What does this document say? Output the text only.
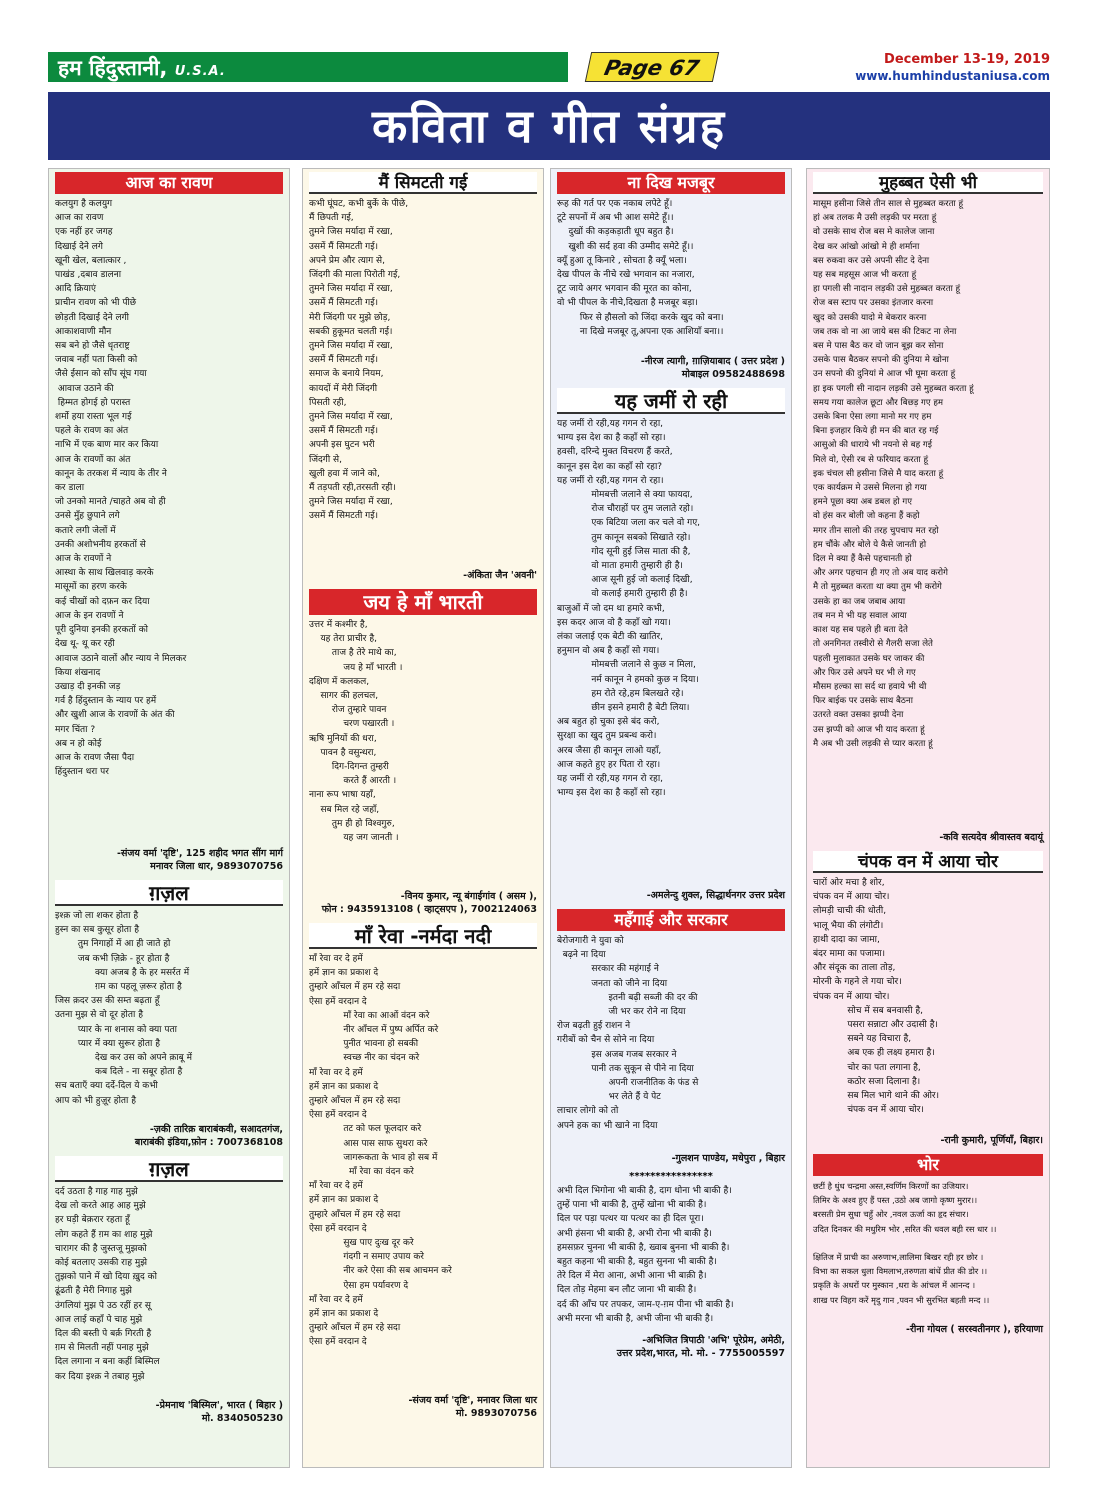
हम हिंदुस्तानी, U.S.A.	Page 67	December 13-19, 2019
www.humhindustaniusa.com
कविता व गीत संग्रह
आज का रावण
कलयुग है कलयुग
आज का रावण
एक नहीं हर जगह
दिखाई देने लगे
खूनी खेल, बलात्कार ,
पाखंड ,दबाव डालना
आदि क्रियाएं
प्राचीन रावण को भी पीछे
छोड़ती दिखाई देने लगी
आकाशवाणी मौन
सब बने हो जैसे धृतराष्ट्र
जवाब नहीं पता किसी को
जैसे ईसान को साँप सूंघ गया
आवाज उठाने की
हिम्मत होगई हो परास्त
शर्मो हया रास्ता भूल गई
पहले के रावण का अंत
नाभि में एक बाण मार कर किया
आज के रावणों का अंत
कानून के तरकश में न्याय के तीर ने
कर डाला
जो उनको मानते /चाहते अब वो ही
उनसे मुँह छुपाने लगे
कतारे लगी जेलों में
उनकी अशोभनीय हरकतों से
आज के रावणों ने
आस्था के साथ खिलवाड़ करके
मासूमों का हरण करके
कई चीखों को दफ़न कर दिया
आज के इन रावणों ने
पूरी दुनिया इनकी हरकतों को
देख थू- थू कर रही
आवाज उठाने वालों और न्याय ने मिलकर
किया शंखनाद
उखाड़ दी इनकी जड़
गर्व है हिंदुस्तान के न्याय पर हमें
और खुशी आज के रावणों के अंत की
मगर चिंता ?
अब न हो कोई
आज के रावण जैसा पैदा
हिंदुस्तान धरा पर
-संजय वर्मा 'दृष्टि', 125 शहीद भगत सींग मार्ग
मनावर जिला धार, 9893070756
ग़ज़ल
इश्क़ जो ला शकर होता है
हुस्न का सब कुसूर होता है
तुम निगाहों में आ ही जाते हो
जब कभी ज़िक्रे - हूर होता है
क्या अजब है के हर मसर्रत में
ग़म का पहलू ज़रूर होता है
जिस क़दर उस की सम्त बढ़ता हूँ
उतना मुझ से वो दूर होता है
प्यार के ना शनास को क्या पता
प्यार में क्या सुरूर होता है
देख कर उस को अपने क़ाबू में
कब दिले - ना सबूर होता है
सच बताएँ क्या दर्दे-दिल ये कभी
आप को भी हुज़ूर होता है
-ज़की तारिक़ बाराबंकवी, सआदतगंज,
बाराबंकी इंडिया,फ़ोन : 7007368108
ग़ज़ल
दर्द उठता है गाह गाह मुझे
देख लो करते आह आह मुझे
हर घड़ी बेक़रार रहता हूँ
लोग कहते हैं ग़म का शाह मुझे
चारागर की है जुस्तजू मुझको
कोई बतलाए उसकी राह मुझे
तुझको पाने में खो दिया ख़ुद को
ढूंढती है मेरी निगाह मुझे
उंगलियां मुझ पे उठ रहीं हर सू
आज लाई कहाँ पे चाह मुझे
दिल की बस्ती पे बर्क़ गिरती है
ग़म से मिलती नहीं पनाह मुझे
दिल लगाना न बना कहीं बिस्मिल
कर दिया इश्क़ ने तबाह मुझे
-प्रेमनाथ 'बिस्मिल', भारत ( बिहार )
मो. 8340505230
मैं सिमटती गई
कभी घूंघट, कभी बुर्के के पीछे,
मैं छिपती गई,
तुमने जिस मर्यादा में रखा,
उसमें मैं सिमटती गई।
अपने प्रेम और त्याग से,
जिंदगी की माला पिरोती गई,
तुमने जिस मर्यादा में रखा,
उसमें मैं सिमटती गई।
मेरी जिंदगी पर मुझे छोड़,
सबकी हुकूमत चलती गई।
तुमने जिस मर्यादा में रखा,
उसमें मैं सिमटती गई।
समाज के बनाये नियम,
कायदों में मेरी जिंदगी
पिसती रही,
तुमने जिस मर्यादा में रखा,
उसमें मैं सिमटती गई।
अपनी इस घुटन भरी
जिंदगी से,
खुली हवा में जाने को,
मैं तड़पती रही,तरसती रही।
तुमने जिस मर्यादा में रखा,
उसमें मैं सिमटती गई।
-अंकिता जैन 'अवनी'
जय हे माँ भारती
उत्तर में कश्मीर है,
यह तेरा प्राचीर है,
ताज है तेरे माथे का,
जय हे माँ भारती ।
दक्षिण में कलकल,
सागर की हलचल,
रोज तुम्हारे पावन
चरण पखारती ।
ऋषि मुनियों की धरा,
पावन है वसुन्धरा,
दिग-दिगन्त तुम्हरी
करते हैं आरती ।
नाना रूप भाषा यहाँ,
सब मिल रहे जहाँ,
तुम ही हो विश्वगुरु,
यह जग जानती ।
-विनय कुमार, न्यू बंगाईगांव ( असम ),
फोन : 9435913108 ( व्हाट्सएप ), 7002124063
माँ रेवा -नर्मदा नदी
माँ रेवा वर दे हमें
हमें ज्ञान का प्रकाश दे
तुम्हारे आँचल में हम रहे सदा
ऐसा हमें वरदान दे
माँ रेवा का आओं वंदन करे
नीर आँचल में पुष्प अर्पित करे
पुनीत भावना हो सबकी
स्वच्छ नीर का चंदन करे
माँ रेवा वर दे हमें
हमें ज्ञान का प्रकाश दे
तुम्हारे आँचल में हम रहे सदा
ऐसा हमें वरदान दे
तट को फल फूलदार करे
आस पास साफ सुथरा करे
जागरूकता के भाव हो सब में
माँ रेवा का वंदन करे
माँ रेवा वर दे हमें
हमें ज्ञान का प्रकाश दे
तुम्हारे आँचल में हम रहे सदा
ऐसा हमें वरदान दे
सुख पाए दुःख दूर करे
गंदगी न समाए उपाय करे
नीर करे ऐसा की सब आचमन करे
ऐसा हम पर्यावरण दे
माँ रेवा वर दे हमें
हमें ज्ञान का प्रकाश दे
तुम्हारे आँचल में हम रहे सदा
ऐसा हमें वरदान दे
-संजय वर्मा 'दृष्टि', मनावर जिला धार
मो. 9893070756
ना दिख मजबूर
रूह की गर्त पर एक नकाब लपेटे हूँ।
टूटे सपनों में अब भी आश समेटे हूँ।।
दुखों की कड़कड़ाती धूप बहुत है।
खुशी की सर्द हवा की उम्मीद समेटे हूँ।।
क्यूँ हुआ तू किनारे , सोचता है क्यूँ भला।
देख पीपल के नीचे रखे भगवान का नजारा,
टूट जाये अगर भगवान की मूरत का कोना,
वो भी पीपल के नीचे,दिखता है मजबूर बड़ा।
फिर से हौसलो को जिंदा करके खुद को बना।
ना दिखे मजबूर तू,अपना एक आशियाँ बना।।
-नीरज त्यागी, ग़ाज़ियाबाद ( उत्तर प्रदेश )
मोबाइल 09582488698
यह जमीं रो रही
यह जमीं रो रही,यह गगन रो रहा,
भाग्य इस देश का है कहाँ सो रहा।
हवसी, दरिन्दे मुक्त विचरण हैं करते,
कानून इस देश का कहाँ सो रहा?
यह जमीं रो रही,यह गगन रो रहा।
मोमबत्ती जलाने से क्या फायदा,
रोज चौराहों पर तुम जलाते रहो।
एक बिटिया जला कर चले वो गए,
तुम कानून सबको सिखाते रहो।
गोद सूनी हुई जिस माता की है,
वो माता हमारी तुम्हारी ही है।
आज सूनी हुई जो कलाई दिखी,
वो कलाई हमारी तुम्हारी ही है।
बाजुओं में जो दम था हमारे कभी,
इस कदर आज वो है कहाँ खो गया।
लंका जलाई एक बेटी की खातिर,
हनुमान वो अब है कहाँ सो गया।
मोमबत्ती जलाने से कुछ न मिला,
नर्म कानून ने हमको कुछ न दिया।
हम रोते रहे,हम बिलखते रहे।
छीन इसने हमारी है बेटी लिया।
अब बहुत हो चुका इसे बंद करो,
सुरक्षा का खुद तुम प्रबन्ध करो।
अरब जैसा ही कानून लाओ यहाँ,
आज कहते हुए हर पिता रो रहा।
यह जमीं रो रही,यह गगन रो रहा,
भाग्य इस देश का है कहाँ सो रहा।
-अमलेन्दु शुक्ल, सिद्धार्थनगर उत्तर प्रदेश
महँगाई और सरकार
बेरोजगारी ने युवा को
बढ़ने ना दिया
सरकार की महंगाई ने
जनता को जीने ना दिया
इतनी बढ़ी सब्जी की दर की
जी भर कर रोने ना दिया
रोज बढ़ती हुई राशन ने
गरीबों को चैन से सोने ना दिया
इस अजब गजब सरकार ने
पानी तक सुकून से पीने ना दिया
अपनी राजनीतिक के फंड से
भर लेते हैं ये पेट
लाचार लोगो को तो
अपने हक का भी खाने ना दिया
-गुलशन पाण्डेय, मधेपुरा , बिहार
****************
अभी दिल भिगोना भी बाकी है, दाग धोना भी बाकी है।
तुम्हें पाना भी बाकी है, तुम्हें खोना भी बाकी है।
दिल पर पड़ा पत्थर या पत्थर का ही दिल पूरा।
अभी हंसना भी बाकी है, अभी रोना भी बाकी है।
हमसफ़र चुनना भी बाकी है, ख्वाब बुनना भी बाकी है।
बहुत कहना भी बाकी है, बहुत सुनना भी बाकी है।
तेरे दिल में मेरा आना, अभी आना भी बाक़ी है।
दिल तोड़ मेहमा बन लौट जाना भी बाकी है।
दर्द की आँच पर तपकर, जाम-ए-ग़म पीना भी बाकी है।
अभी मरना भी बाकी है, अभी जीना भी बाकी है।
-अभिजित त्रिपाठी 'अभि' पूरेप्रेम, अमेठी,
उत्तर प्रदेश,भारत, मो. मो. - 7755005597
मुहब्बत ऐसी भी
मासूम हसीना जिसे तीन साल से मुहब्बत करता हूं
हां अब तलक मै उसी लड़की पर मरता हूं
वो उसके साथ रोज बस मे कालेज जाना
देख कर आंखो आंखो मे ही शर्माना
बस रुकवा कर उसे अपनी सीट दे देना
यह सब महसूस आज भी करता हूं
हा पगली सी नादान लड़की उसे मुहब्बत करता हूं
रोज बस स्टाप पर उसका इंतजार करना
खुद को उसकी यादो मे बेकरार करना
जब तक वो ना आ जाये बस की टिकट ना लेना
बस मे पास बैठ कर वो जान बूझ कर सोना
उसके पास बैठकर सपनो की दुनिया मे खोना
उन सपनो की दुनियां मे आज भी घूमा करता हूं
हा इक पगली सी नादान लड़की उसे मुहब्बत करता हूं
समय गया कालेज छूटा और बिछड़ गए हम
उसके बिना ऐसा लगा मानो मर गए हम
बिना इजहार किये ही मन की बात रह गई
आसुओ की धाराये भी नयनो से बह गई
मिले वो, ऐसी रब से फरियाद करता हूं
इक चंचल सी हसीना जिसे मै याद करता हूं
एक कार्यक्रम मे उससे मिलना हो गया
हमने पूछा क्या अब डबल हो गए
वो हंस कर बोली जो कहना हैं कहो
मगर तीन सालो की तरह चुपचाप मत रहो
हम चौंके और बोले ये कैसे जानती हो
दिल मे क्या हैं कैसे पहचानती हो
और अगर पहचान ही गए तो अब याद करोगे
मै तो मुहब्बत करता था क्या तुम भी करोगे
उसके हा का जब जबाब आया
तब मन मे भी यह सवाल आया
काश यह सब पहले ही बता देते
तो अनगिनत तस्वीरो से गैलरी सजा लेते
पहली मुलाकात उसके घर जाकर की
और फिर उसे अपने घर भी ले गए
मौसम हल्का सा सर्द था हवाये भी थी
फिर बाईक पर उसके साथ बैठना
उतरते वक्त उसका झप्पी देना
उस झप्पी को आज भी याद करता हूं
मै अब भी उसी लड़की से प्यार करता हूं
-कवि सत्यदेव श्रीवास्तव बदायूं
चंपक वन में आया चोर
चारों ओर मचा है शोर,
चंपक वन में आया चोर।
लोमड़ी चाची की धोती,
भालू भैया की लंगोटी।
हाथी दादा का जामा,
बंदर मामा का पजामा।
और संदूक का ताला तोड़,
मोरनी के गहने ले गया चोर।
चंपक वन में आया चोर।
सोच में सब बनवासी है,
पसरा सन्नाटा और उदासी है।
सबने यह विचारा है,
अब एक ही लक्ष्य हमारा है।
चोर का पता लगाना है,
कठोर सजा दिलाना है।
सब मिल भागे थाने की ओर।
चंपक वन में आया चोर।
-रानी कुमारी, पूर्णियाँ, बिहार।
भोर
छटीं है धुंध चन्द्रमा अस्त,स्वर्णिम किरणों का उजियार।
तिमिर के अश्व हुए हैं पस्त ,उठो अब जागो कृष्ण मुरार।।
बरसती प्रेम सुधा चहुँ ओर ,नवल ऊर्जा का हृद संचार।
उदित दिनकर की मधुरिम भोर ,सरित की धवल बही रस धार ।।

क्षितिज में प्राची का अरुणाभ,लालिमा बिखर रही हर छोर ।
विभा का सकल धुला विमलाभ,तरुणता बांधें प्रीत की डोर ।।
प्रकृति के अधरों पर मुस्कान ,धरा के आंचल में आनन्द ।
शाख पर विहग करें मृदु गान ,पवन भी सुरभित बहती मन्द ।।
-रीना गोयल ( सरस्वतीनगर ), हरियाणा
